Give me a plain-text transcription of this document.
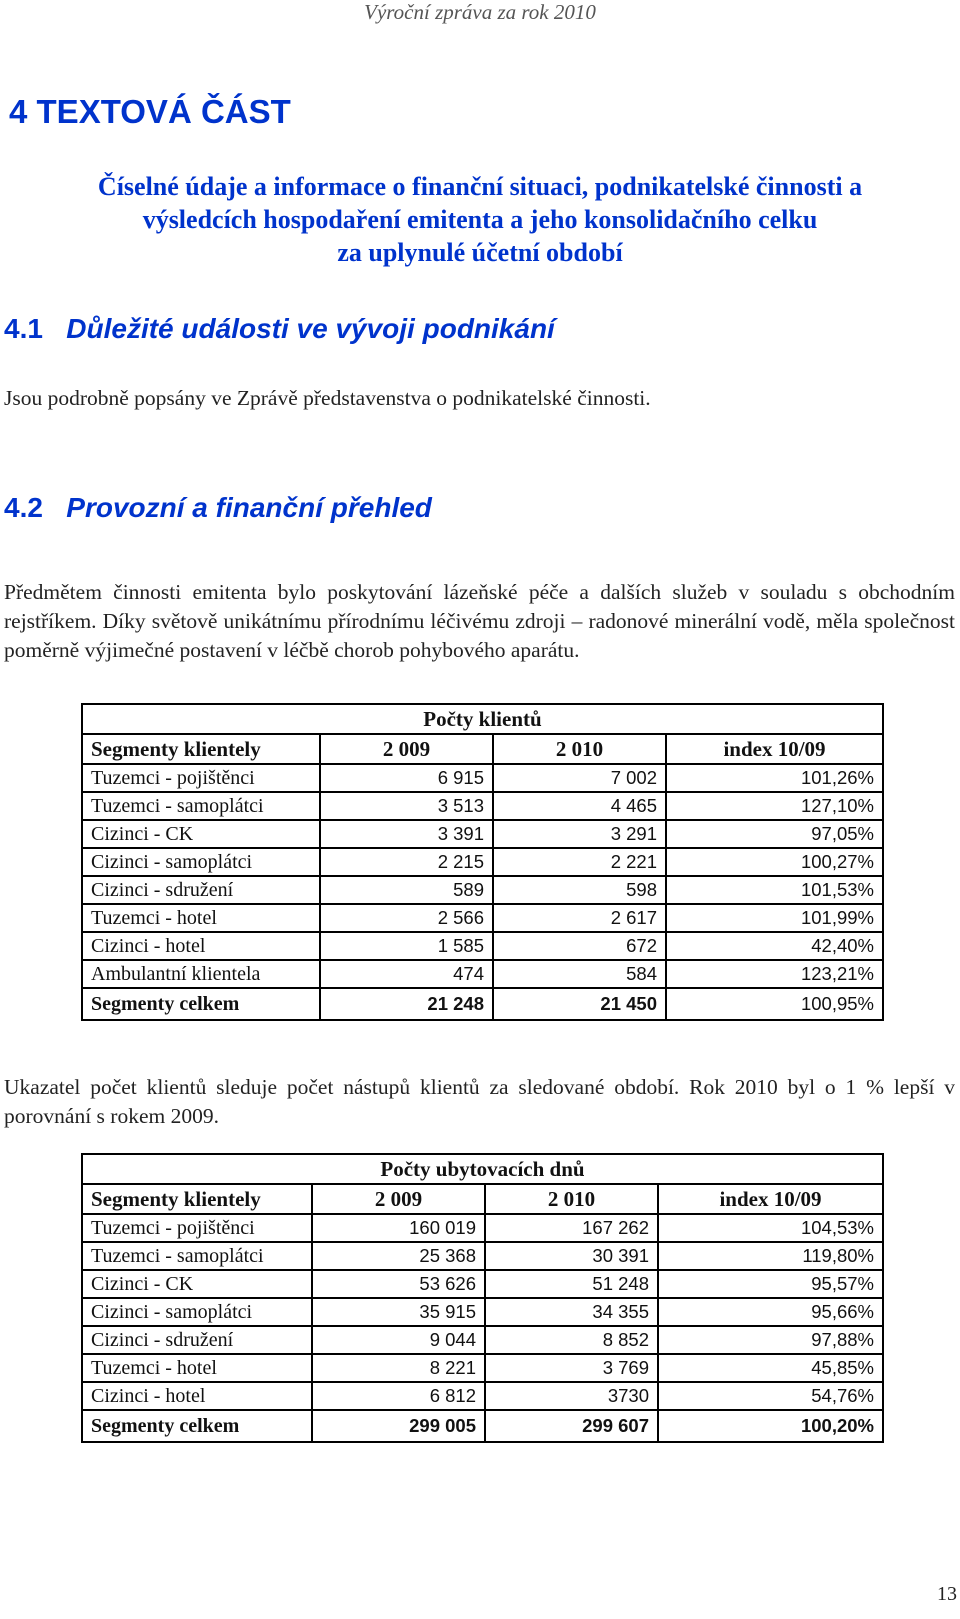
Výroční zpráva za rok 2010
4 TEXTOVÁ ČÁST
Číselné údaje a informace o finanční situaci, podnikatelské činnosti a
výsledcích hospodaření emitenta a jeho konsolidačního celku
za uplynulé účetní období
4.1 Důležité události ve vývoji podnikání
Jsou podrobně popsány ve Zprávě představenstva o podnikatelské činnosti.
4.2 Provozní a finanční přehled
Předmětem činnosti emitenta bylo poskytování lázeňské péče a dalších služeb v souladu s obchodním rejstříkem. Díky světově unikátnímu přírodnímu léčivému zdroji – radonové minerální vodě, měla společnost poměrně výjimečné postavení v léčbě chorob pohybového aparátu.
Počty klientů			
Segmenty klientely	2 009	2 010	index 10/09
Tuzemci - pojištěnci	6 915	7 002	101,26%
Tuzemci - samoplátci	3 513	4 465	127,10%
Cizinci - CK	3 391	3 291	97,05%
Cizinci - samoplátci	2 215	2 221	100,27%
Cizinci - sdružení	589	598	101,53%
Tuzemci - hotel	2 566	2 617	101,99%
Cizinci - hotel	1 585	672	42,40%
Ambulantní klientela	474	584	123,21%
Segmenty celkem	21 248	21 450	100,95%
Ukazatel počet klientů sleduje počet nástupů klientů za sledované období. Rok 2010 byl o 1 % lepší v porovnání s rokem 2009.
Počty ubytovacích dnů			
Segmenty klientely	2 009	2 010	index 10/09
Tuzemci - pojištěnci	160 019	167 262	104,53%
Tuzemci - samoplátci	25 368	30 391	119,80%
Cizinci - CK	53 626	51 248	95,57%
Cizinci - samoplátci	35 915	34 355	95,66%
Cizinci - sdružení	9 044	8 852	97,88%
Tuzemci - hotel	8 221	3 769	45,85%
Cizinci - hotel	6 812	3730	54,76%
Segmenty celkem	299 005	299 607	100,20%
13
